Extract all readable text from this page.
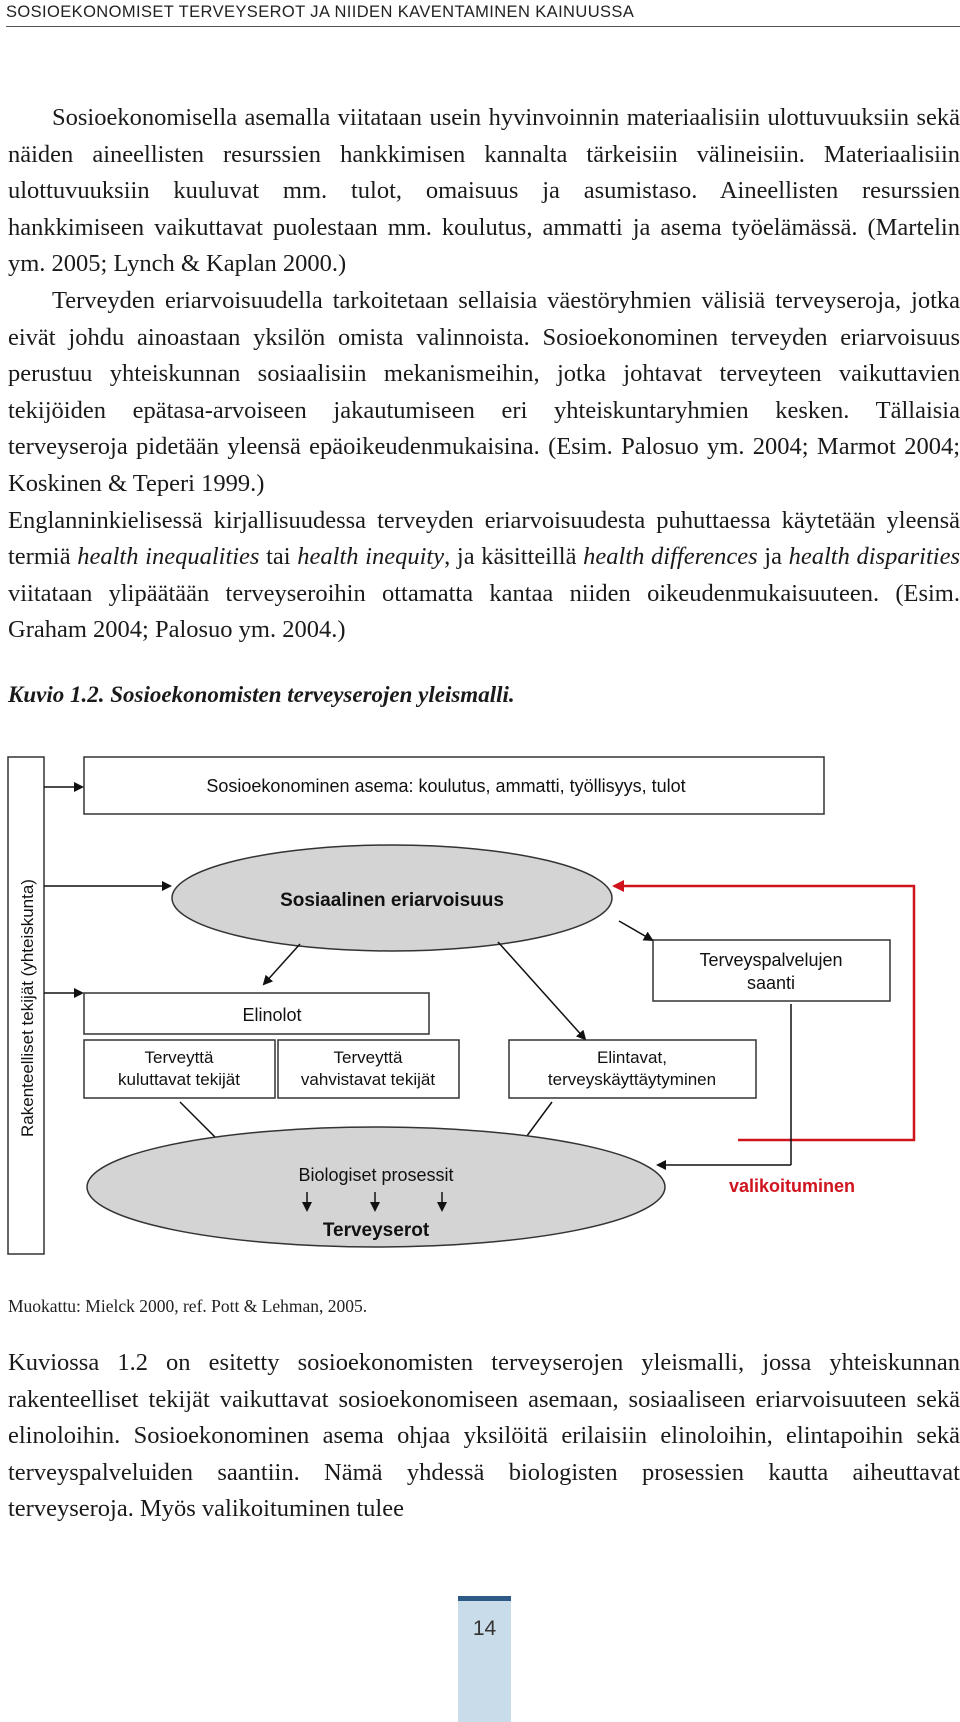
SOSIOEKONOMISET TERVEYSEROT JA NIIDEN KAVENTAMINEN KAINUUSSA

Sosioekonomisella asemalla viitataan usein hyvinvoinnin materiaalisiin ulottuvuuksiin sekä näiden aineellisten resurssien hankkimisen kannalta tärkeisiin välineisiin. Materiaalisiin ulottuvuuksiin kuuluvat mm. tulot, omaisuus ja asumistaso. Aineellisten resurssien hankkimiseen vaikuttavat puolestaan mm. koulutus, ammatti ja asema työelämässä. (Martelin ym. 2005; Lynch & Kaplan 2000.)

Terveyden eriarvoisuudella tarkoitetaan sellaisia väestöryhmien välisiä terveyseroja, jotka eivät johdu ainoastaan yksilön omista valinnoista. Sosioekonominen terveyden eriarvoisuus perustuu yhteiskunnan sosiaalisiin mekanismeihin, jotka johtavat terveyteen vaikuttavien tekijöiden epätasa-arvoiseen jakautumiseen eri yhteiskuntaryhmien kesken. Tällaisia terveyseroja pidetään yleensä epäoikeudenmukaisina. (Esim. Palosuo ym. 2004; Marmot 2004; Koskinen & Teperi 1999.)

Englanninkielisessä kirjallisuudessa terveyden eriarvoisuudesta puhuttaessa käytetään yleensä termiä health inequalities tai health inequity, ja käsitteillä health differences ja health disparities viitataan ylipäätään terveyseroihin ottamatta kantaa niiden oikeudenmukaisuuteen. (Esim. Graham 2004; Palosuo ym. 2004.)

Kuvio 1.2. Sosioekonomisten terveyserojen yleismalli.
Rakenteelliset tekijät (yhteiskunta)
Sosioekonominen asema: koulutus, ammatti, työllisyys, tulot
Sosiaalinen eriarvoisuus
Terveyspalvelujen
saanti
Elinolot
Terveyttä
kuluttavat tekijät
Terveyttä
vahvistavat tekijät
Elintavat,
terveyskäyttäytyminen
Biologiset prosessit
Terveyserot
valikoituminen
Muokattu: Mielck 2000, ref. Pott & Lehman, 2005.

Kuviossa 1.2 on esitetty sosioekonomisten terveyserojen yleismalli, jossa yhteiskunnan rakenteelliset tekijät vaikuttavat sosioekonomiseen asemaan, sosiaaliseen eriarvoisuuteen sekä elinoloihin. Sosioekonominen asema ohjaa yksilöitä erilaisiin elinoloihin, elintapoihin sekä terveyspalveluiden saantiin. Nämä yhdessä biologisten prosessien kautta aiheuttavat terveyseroja. Myös valikoituminen tulee

14
